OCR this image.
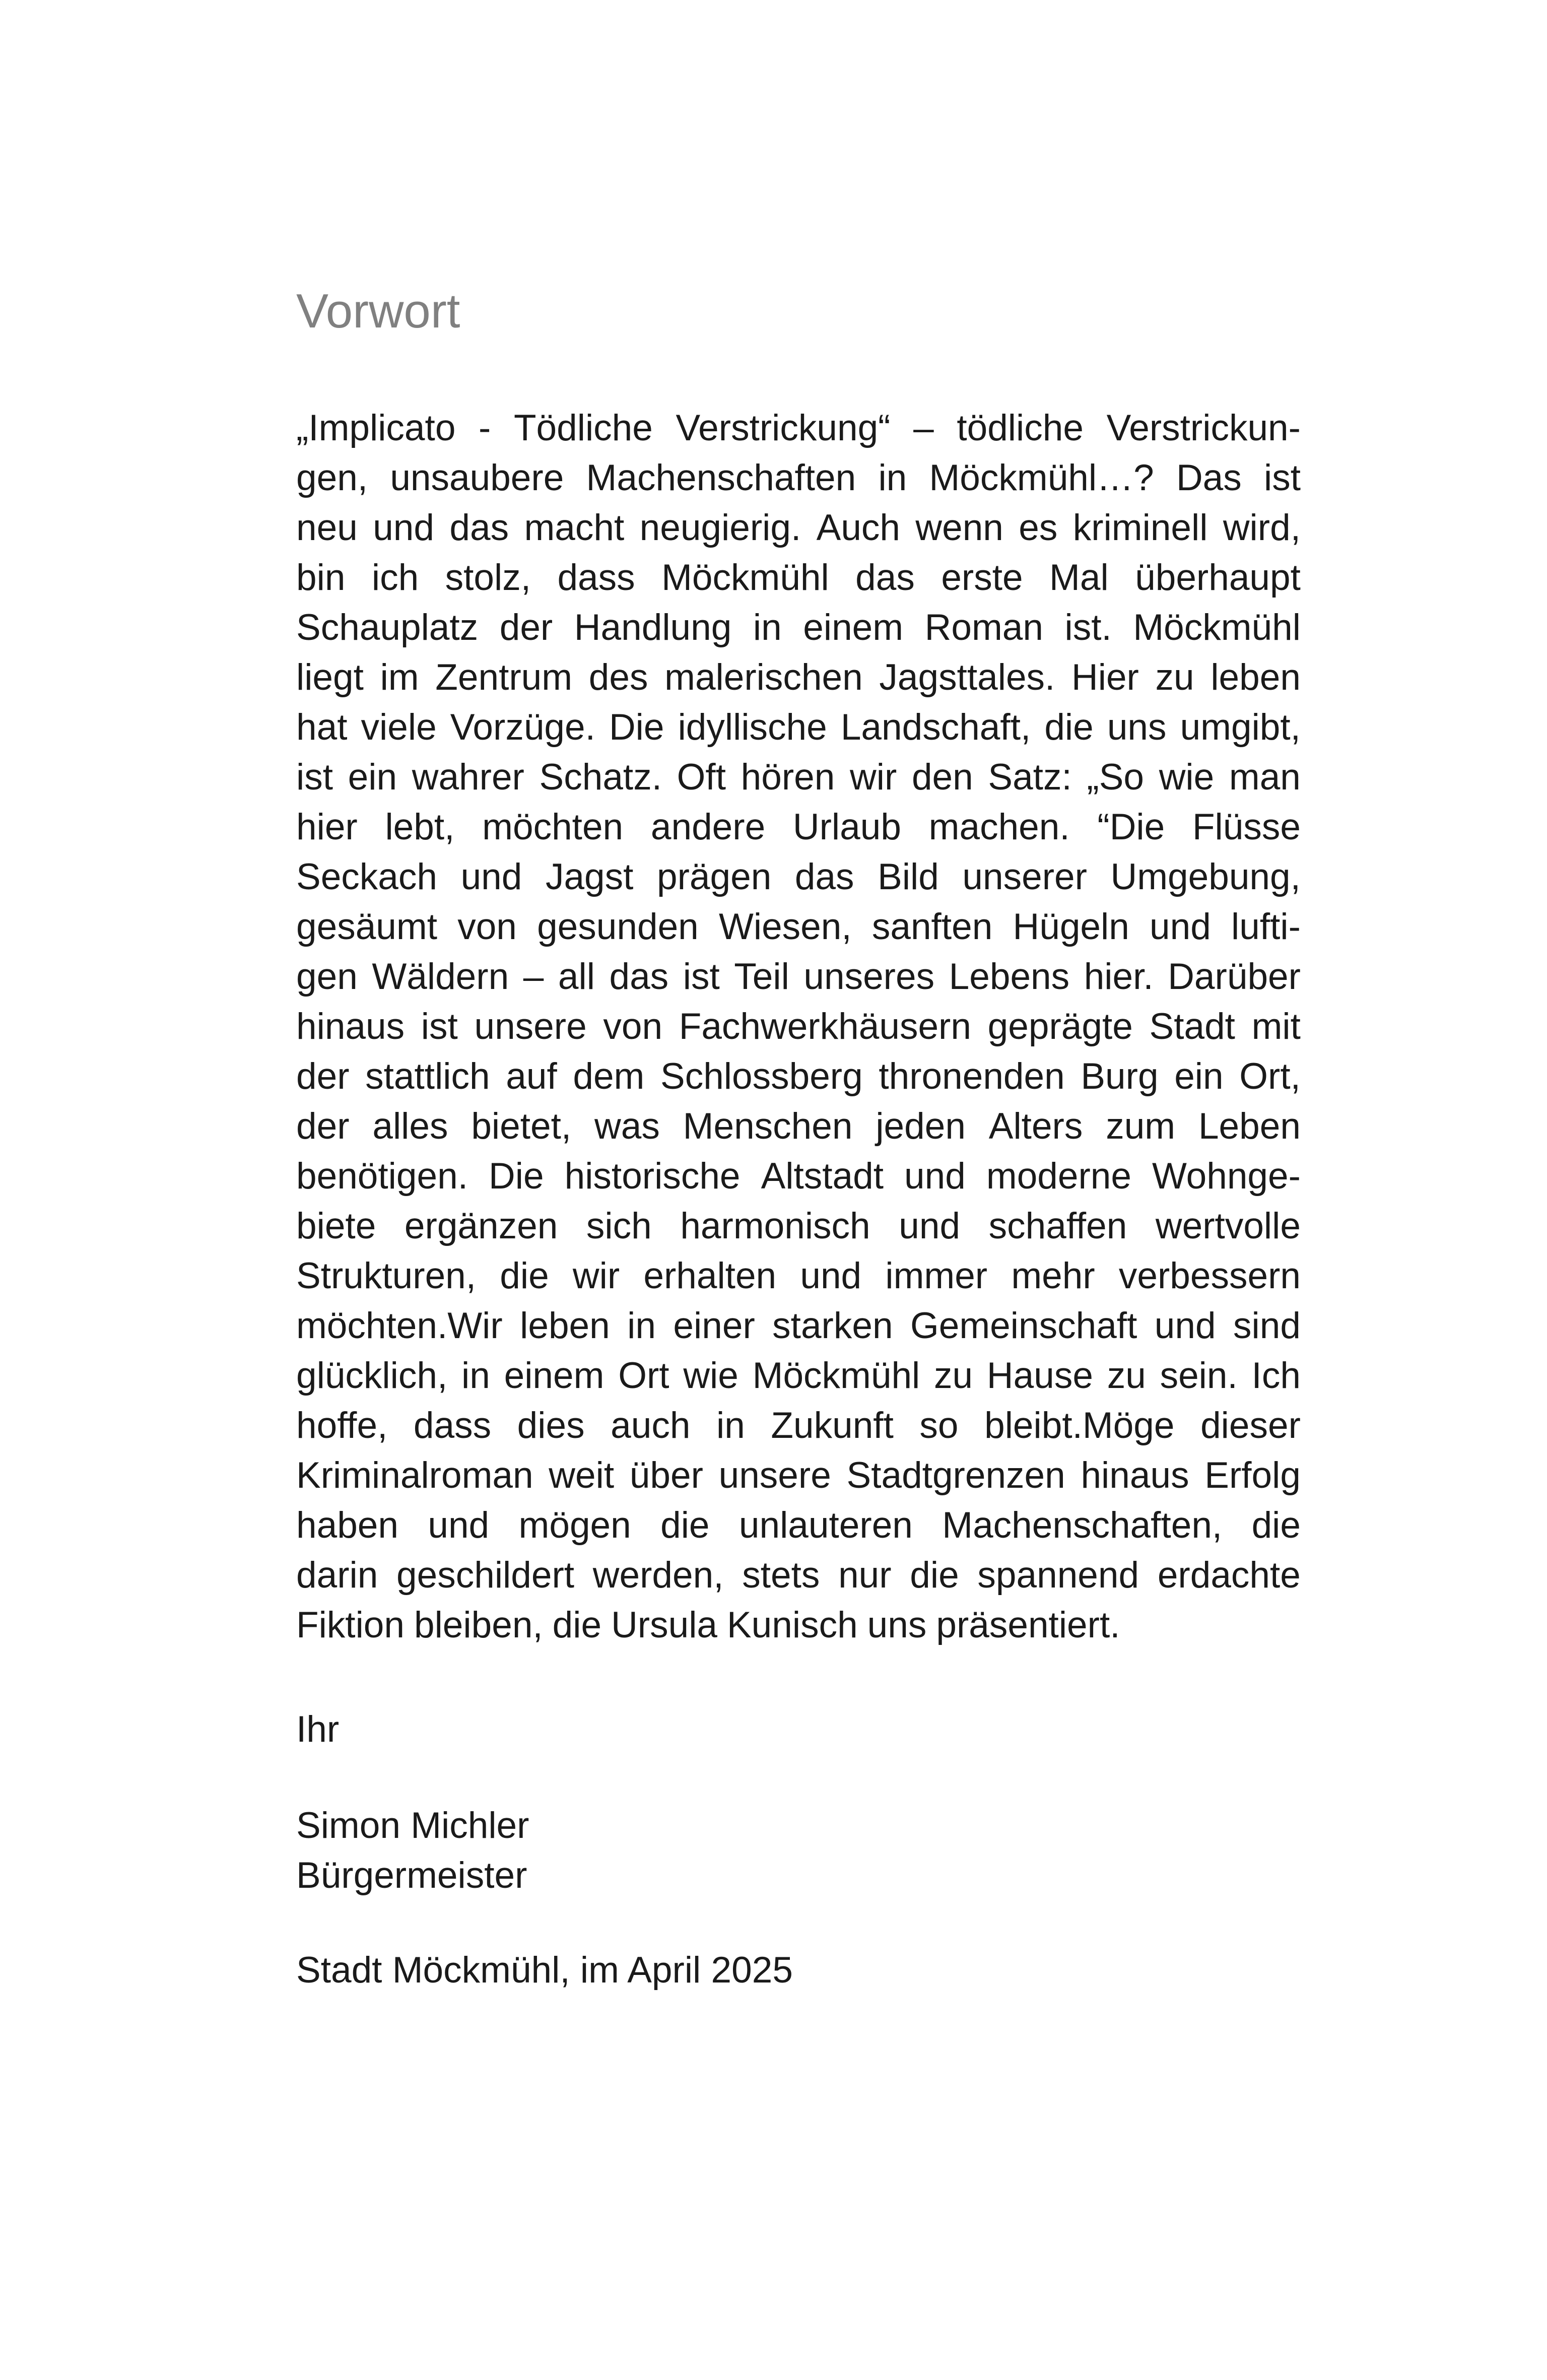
Vorwort
„Implicato - Tödliche Verstrickung“ – tödliche Verstrickun-
gen, unsaubere Machenschaften in Möckmühl…? Das ist
neu und das macht neugierig. Auch wenn es kriminell wird,
bin ich stolz, dass Möckmühl das erste Mal überhaupt
Schauplatz der Handlung in einem Roman ist. Möckmühl
liegt im Zentrum des malerischen Jagsttales. Hier zu leben
hat viele Vorzüge. Die idyllische Landschaft, die uns umgibt,
ist ein wahrer Schatz. Oft hören wir den Satz: „So wie man
hier lebt, möchten andere Urlaub machen. “Die Flüsse
Seckach und Jagst prägen das Bild unserer Umgebung,
gesäumt von gesunden Wiesen, sanften Hügeln und lufti-
gen Wäldern – all das ist Teil unseres Lebens hier. Darüber
hinaus ist unsere von Fachwerkhäusern geprägte Stadt mit
der stattlich auf dem Schlossberg thronenden Burg ein Ort,
der alles bietet, was Menschen jeden Alters zum Leben
benötigen. Die historische Altstadt und moderne Wohnge-
biete ergänzen sich harmonisch und schaffen wertvolle
Strukturen, die wir erhalten und immer mehr verbessern
möchten.Wir leben in einer starken Gemeinschaft und sind
glücklich, in einem Ort wie Möckmühl zu Hause zu sein. Ich
hoffe, dass dies auch in Zukunft so bleibt.Möge dieser
Kriminalroman weit über unsere Stadtgrenzen hinaus Erfolg
haben und mögen die unlauteren Machenschaften, die
darin geschildert werden, stets nur die spannend erdachte
Fiktion bleiben, die Ursula Kunisch uns präsentiert.
Ihr
Simon Michler
Bürgermeister
Stadt Möckmühl, im April 2025
